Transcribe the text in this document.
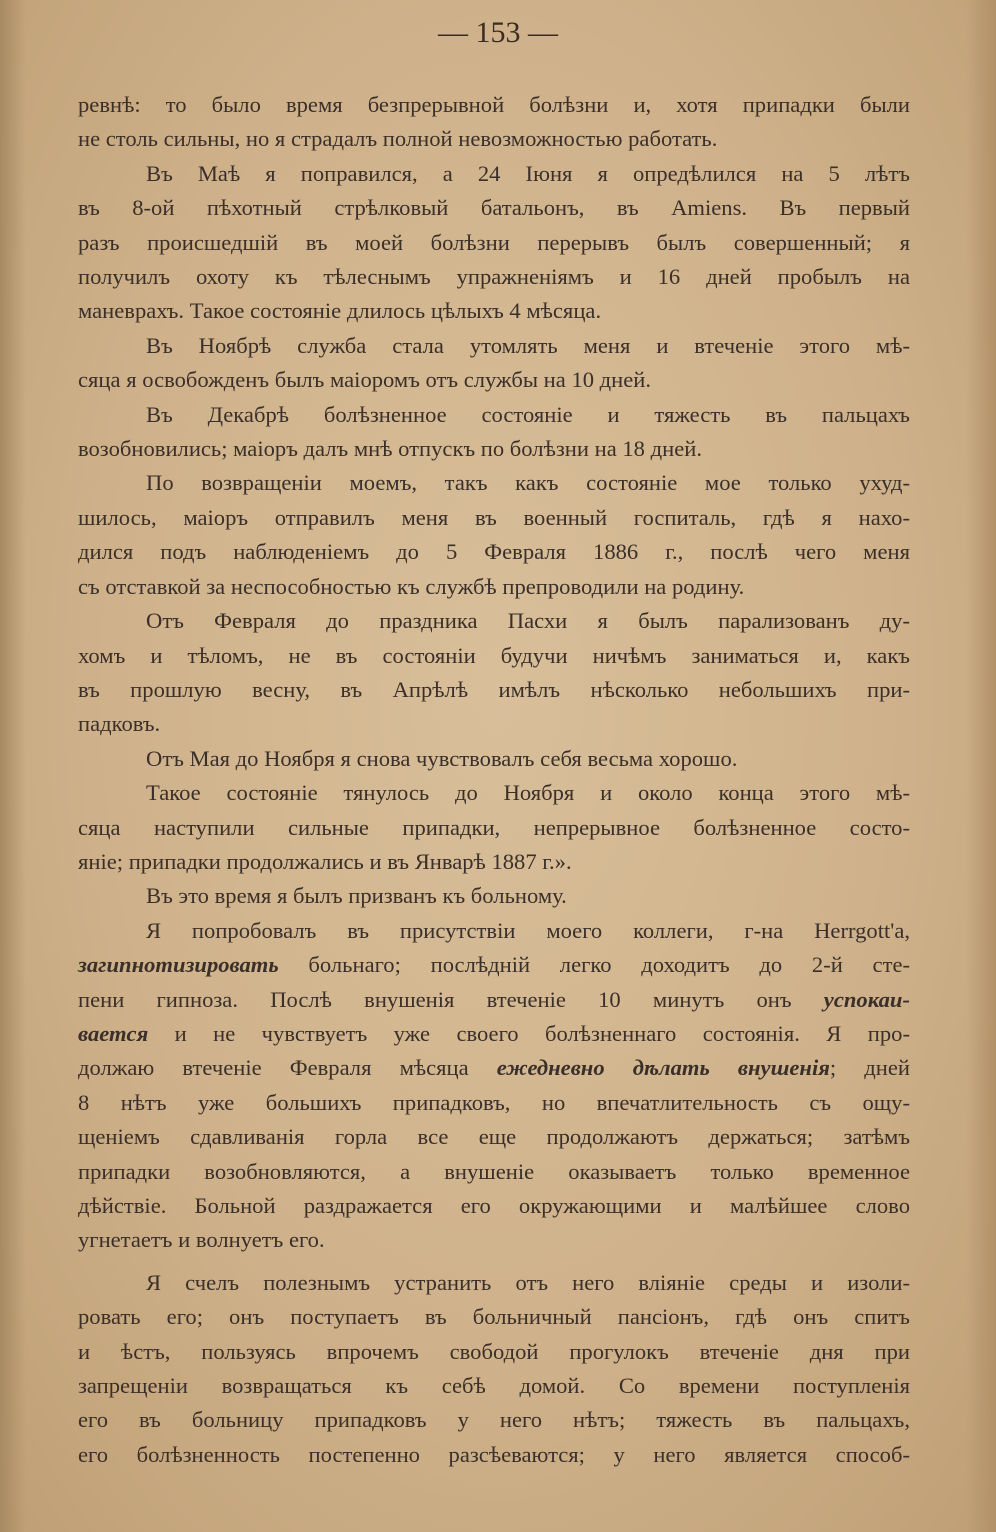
— 153 —
ревнѣ: то было время безпрерывной болѣзни и, хотя припадки были
не столь сильны, но я страдалъ полной невозможностью работать.
Въ Маѣ я поправился, а 24 Іюня я опредѣлился на 5 лѣтъ
въ 8-ой пѣхотный стрѣлковый батальонъ, въ Amiens. Въ первый
разъ происшедшій въ моей болѣзни перерывъ былъ совершенный; я
получилъ охоту къ тѣлеснымъ упражненіямъ и 16 дней пробылъ на
маневрахъ. Такое состояніе длилось цѣлыхъ 4 мѣсяца.
Въ Ноябрѣ служба стала утомлять меня и втеченіе этого мѣ-
сяца я освобожденъ былъ маіоромъ отъ службы на 10 дней.
Въ Декабрѣ болѣзненное состояніе и тяжесть въ пальцахъ
возобновились; маіоръ далъ мнѣ отпускъ по болѣзни на 18 дней.
По возвращеніи моемъ, такъ какъ состояніе мое только ухуд-
шилось, маіоръ отправилъ меня въ военный госпиталь, гдѣ я нахо-
дился подъ наблюденіемъ до 5 Февраля 1886 г., послѣ чего меня
съ отставкой за неспособностью къ службѣ препроводили на родину.
Отъ Февраля до праздника Пасхи я былъ парализованъ ду-
хомъ и тѣломъ, не въ состояніи будучи ничѣмъ заниматься и, какъ
въ прошлую весну, въ Апрѣлѣ имѣлъ нѣсколько небольшихъ при-
падковъ.
Отъ Мая до Ноября я снова чувствовалъ себя весьма хорошо.
Такое состояніе тянулось до Ноября и около конца этого мѣ-
сяца наступили сильные припадки, непрерывное болѣзненное состо-
яніе; припадки продолжались и въ Январѣ 1887 г.».
Въ это время я былъ призванъ къ больному.
Я попробовалъ въ присутствіи моего коллеги, г-на Herrgott'a,
загипнотизировать больнаго; послѣдній легко доходитъ до 2-й сте-
пени гипноза. Послѣ внушенія втеченіе 10 минутъ онъ успокаи-
вается и не чувствуетъ уже своего болѣзненнаго состоянія. Я про-
должаю втеченіе Февраля мѣсяца ежедневно дѣлать внушенія; дней
8 нѣтъ уже большихъ припадковъ, но впечатлительность съ ощу-
щеніемъ сдавливанія горла все еще продолжаютъ держаться; затѣмъ
припадки возобновляются, а внушеніе оказываетъ только временное
дѣйствіе. Больной раздражается его окружающими и малѣйшее слово
угнетаетъ и волнуетъ его.
Я счелъ полезнымъ устранить отъ него вліяніе среды и изоли-
ровать его; онъ поступаетъ въ больничный пансіонъ, гдѣ онъ спитъ
и ѣстъ, пользуясь впрочемъ свободой прогулокъ втеченіе дня при
запрещеніи возвращаться къ себѣ домой. Со времени поступленія
его въ больницу припадковъ у него нѣтъ; тяжесть въ пальцахъ,
его болѣзненность постепенно разсѣеваются; у него является способ-
